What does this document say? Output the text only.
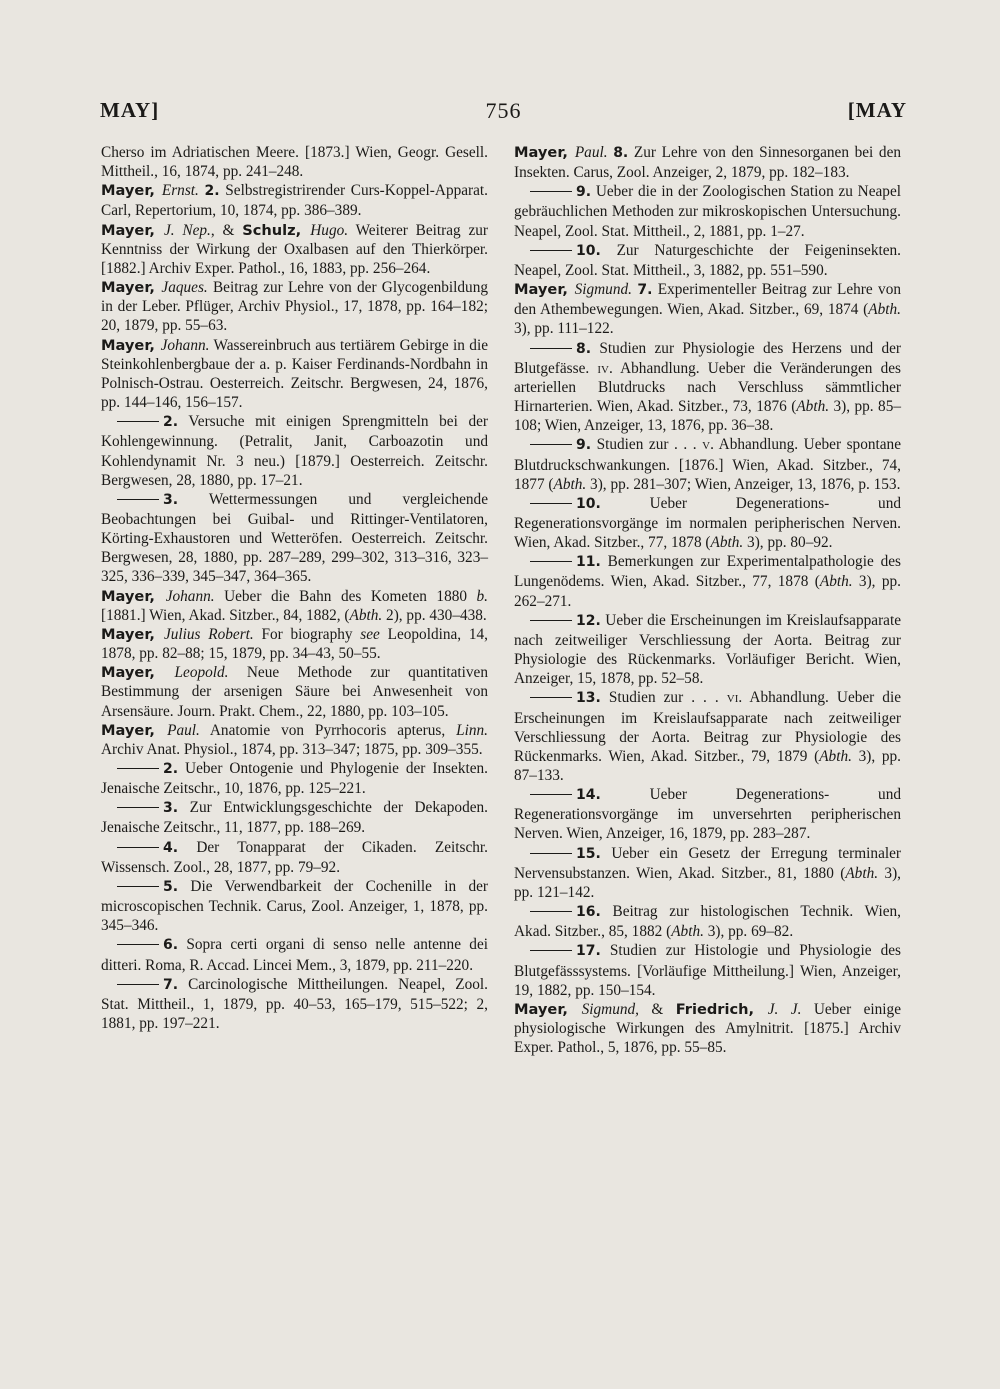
MAY]	756	[MAY
Cherso im Adriatischen Meere. [1873.] Wien, Geogr. Gesell. Mittheil., 16, 1874, pp. 241–248.
Mayer, Ernst. 2. Selbstregistrirender Curs-Koppel-Apparat. Carl, Repertorium, 10, 1874, pp. 386–389.
Mayer, J. Nep., & Schulz, Hugo. Weiterer Beitrag zur Kenntniss der Wirkung der Oxalbasen auf den Thierkörper. [1882.] Archiv Exper. Pathol., 16, 1883, pp. 256–264.
Mayer, Jaques. Beitrag zur Lehre von der Glycogenbildung in der Leber. Pflüger, Archiv Physiol., 17, 1878, pp. 164–182; 20, 1879, pp. 55–63.
Mayer, Johann. Wassereinbruch aus tertiärem Gebirge in die Steinkohlenbergbaue der a. p. Kaiser Ferdinands-Nordbahn in Polnisch-Ostrau. Oesterreich. Zeitschr. Bergwesen, 24, 1876, pp. 144–146, 156–157.
2. Versuche mit einigen Sprengmitteln bei der Kohlengewinnung. (Petralit, Janit, Carboazotin und Kohlendynamit Nr. 3 neu.) [1879.] Oesterreich. Zeitschr. Bergwesen, 28, 1880, pp. 17–21.
3. Wettermessungen und vergleichende Beobachtungen bei Guibal- und Rittinger-Ventilatoren, Körting-Exhaustoren und Wetteröfen. Oesterreich. Zeitschr. Bergwesen, 28, 1880, pp. 287–289, 299–302, 313–316, 323–325, 336–339, 345–347, 364–365.
Mayer, Johann. Ueber die Bahn des Kometen 1880 b. [1881.] Wien, Akad. Sitzber., 84, 1882, (Abth. 2), pp. 430–438.
Mayer, Julius Robert. For biography see Leopoldina, 14, 1878, pp. 82–88; 15, 1879, pp. 34–43, 50–55.
Mayer, Leopold. Neue Methode zur quantitativen Bestimmung der arsenigen Säure bei Anwesenheit von Arsensäure. Journ. Prakt. Chem., 22, 1880, pp. 103–105.
Mayer, Paul. Anatomie von Pyrrhocoris apterus, Linn. Archiv Anat. Physiol., 1874, pp. 313–347; 1875, pp. 309–355.
2. Ueber Ontogenie und Phylogenie der Insekten. Jenaische Zeitschr., 10, 1876, pp. 125–221.
3. Zur Entwicklungsgeschichte der Dekapoden. Jenaische Zeitschr., 11, 1877, pp. 188–269.
4. Der Tonapparat der Cikaden. Zeitschr. Wissensch. Zool., 28, 1877, pp. 79–92.
5. Die Verwendbarkeit der Cochenille in der microscopischen Technik. Carus, Zool. Anzeiger, 1, 1878, pp. 345–346.
6. Sopra certi organi di senso nelle antenne dei ditteri. Roma, R. Accad. Lincei Mem., 3, 1879, pp. 211–220.
7. Carcinologische Mittheilungen. Neapel, Zool. Stat. Mittheil., 1, 1879, pp. 40–53, 165–179, 515–522; 2, 1881, pp. 197–221.
Mayer, Paul. 8. Zur Lehre von den Sinnesorganen bei den Insekten. Carus, Zool. Anzeiger, 2, 1879, pp. 182–183.
9. Ueber die in der Zoologischen Station zu Neapel gebräuchlichen Methoden zur mikroskopischen Untersuchung. Neapel, Zool. Stat. Mittheil., 2, 1881, pp. 1–27.
10. Zur Naturgeschichte der Feigeninsekten. Neapel, Zool. Stat. Mittheil., 3, 1882, pp. 551–590.
Mayer, Sigmund. 7. Experimenteller Beitrag zur Lehre von den Athembewegungen. Wien, Akad. Sitzber., 69, 1874 (Abth. 3), pp. 111–122.
8. Studien zur Physiologie des Herzens und der Blutgefässe. iv. Abhandlung. Ueber die Veränderungen des arteriellen Blutdrucks nach Verschluss sämmtlicher Hirnarterien. Wien, Akad. Sitzber., 73, 1876 (Abth. 3), pp. 85–108; Wien, Anzeiger, 13, 1876, pp. 36–38.
9. Studien zur . . . v. Abhandlung. Ueber spontane Blutdruckschwankungen. [1876.] Wien, Akad. Sitzber., 74, 1877 (Abth. 3), pp. 281–307; Wien, Anzeiger, 13, 1876, p. 153.
10. Ueber Degenerations- und Regenerationsvorgänge im normalen peripherischen Nerven. Wien, Akad. Sitzber., 77, 1878 (Abth. 3), pp. 80–92.
11. Bemerkungen zur Experimentalpathologie des Lungenödems. Wien, Akad. Sitzber., 77, 1878 (Abth. 3), pp. 262–271.
12. Ueber die Erscheinungen im Kreislaufsapparate nach zeitweiliger Verschliessung der Aorta. Beitrag zur Physiologie des Rückenmarks. Vorläufiger Bericht. Wien, Anzeiger, 15, 1878, pp. 52–58.
13. Studien zur . . . vi. Abhandlung. Ueber die Erscheinungen im Kreislaufsapparate nach zeitweiliger Verschliessung der Aorta. Beitrag zur Physiologie des Rückenmarks. Wien, Akad. Sitzber., 79, 1879 (Abth. 3), pp. 87–133.
14. Ueber Degenerations- und Regenerationsvorgänge im unversehrten peripherischen Nerven. Wien, Anzeiger, 16, 1879, pp. 283–287.
15. Ueber ein Gesetz der Erregung terminaler Nervensubstanzen. Wien, Akad. Sitzber., 81, 1880 (Abth. 3), pp. 121–142.
16. Beitrag zur histologischen Technik. Wien, Akad. Sitzber., 85, 1882 (Abth. 3), pp. 69–82.
17. Studien zur Histologie und Physiologie des Blutgefässsystems. [Vorläufige Mittheilung.] Wien, Anzeiger, 19, 1882, pp. 150–154.
Mayer, Sigmund, & Friedrich, J. J. Ueber einige physiologische Wirkungen des Amylnitrit. [1875.] Archiv Exper. Pathol., 5, 1876, pp. 55–85.
